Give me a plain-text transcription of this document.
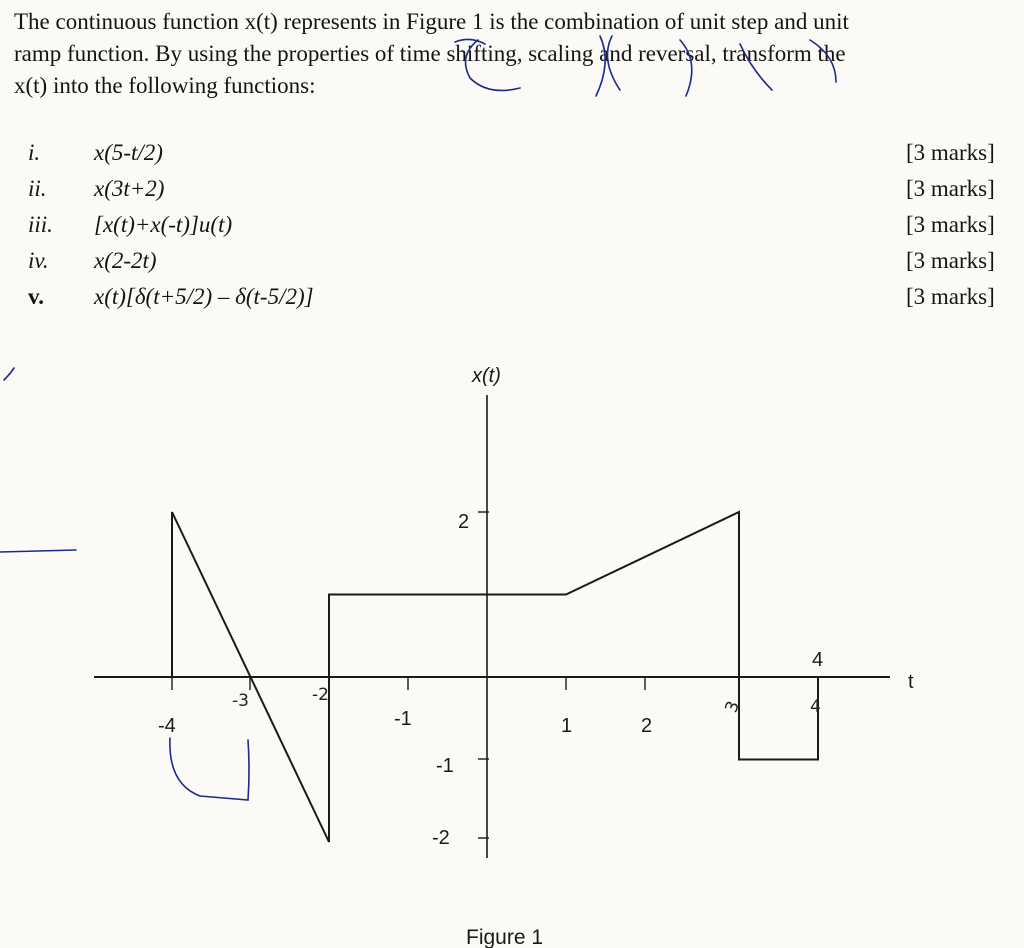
The continuous function x(t) represents in Figure 1 is the combination of unit step and unit
ramp function. By using the properties of time shifting, scaling and reversal, transform the
x(t) into the following functions:
i. x(5-t/2)	[3 marks]
ii. x(3t+2)	[3 marks]
iii. [x(t)+x(-t)]u(t)	[3 marks]
iv. x(2-2t)	[3 marks]
v. x(t)[δ(t+5/2) – δ(t-5/2)]	[3 marks]
x(t)
t
-4	-1	1	2
4
-3	-2
3	4
2
-1
-2
Figure 1
